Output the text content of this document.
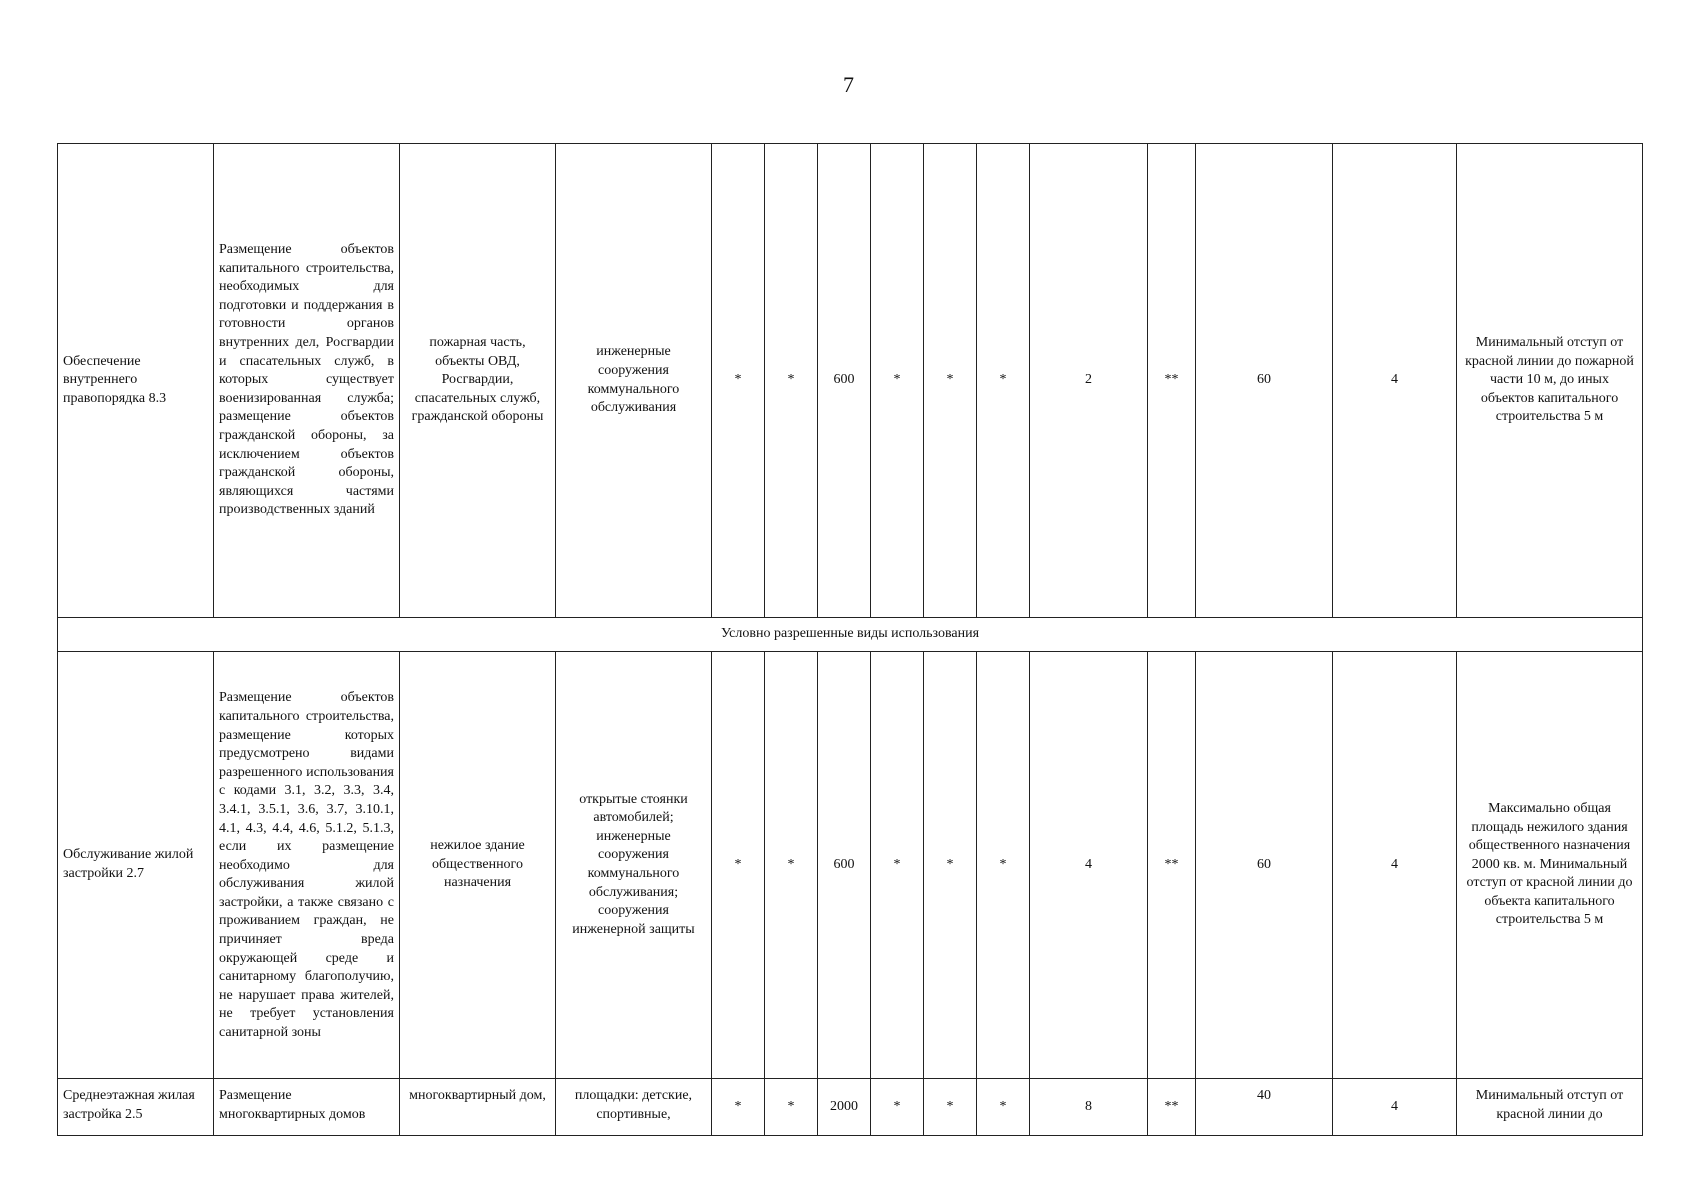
7
Обеспечение внутреннего правопорядка 8.3	Размещение объектов капитального строительства, необходимых для подготовки и поддержания в готовности органов внутренних дел, Росгвардии и спасательных служб, в которых существует военизированная служба; размещение объектов гражданской обороны, за исключением объектов гражданской обороны, являющихся частями производственных зданий	пожарная часть, объекты ОВД, Росгвардии, спасательных служб, гражданской обороны	инженерные сооружения коммунального обслуживания	*	*	600	*	*	*	2	**	60	4	Минимальный отступ от красной линии до пожарной части 10 м, до иных объектов капитального строительства 5 м
Условно разрешенные виды использования														
Обслуживание жилой застройки 2.7	Размещение объектов капитального строительства, размещение которых предусмотрено видами разрешенного использования с кодами 3.1, 3.2, 3.3, 3.4, 3.4.1, 3.5.1, 3.6, 3.7, 3.10.1, 4.1, 4.3, 4.4, 4.6, 5.1.2, 5.1.3, если их размещение необходимо для обслуживания жилой застройки, а также связано с проживанием граждан, не причиняет вреда окружающей среде и санитарному благополучию, не нарушает права жителей, не требует установления санитарной зоны	нежилое здание общественного назначения	открытые стоянки автомобилей; инженерные сооружения коммунального обслуживания; сооружения инженерной защиты	*	*	600	*	*	*	4	**	60	4	Максимально общая площадь нежилого здания общественного назначения 2000 кв. м. Минимальный отступ от красной линии до объекта капитального строительства 5 м
Среднеэтажная жилая застройка 2.5	Размещение многоквартирных домов	многоквартирный дом,	площадки: детские, спортивные,	*	*	2000	*	*	*	8	**	40	4	Минимальный отступ от красной линии до
